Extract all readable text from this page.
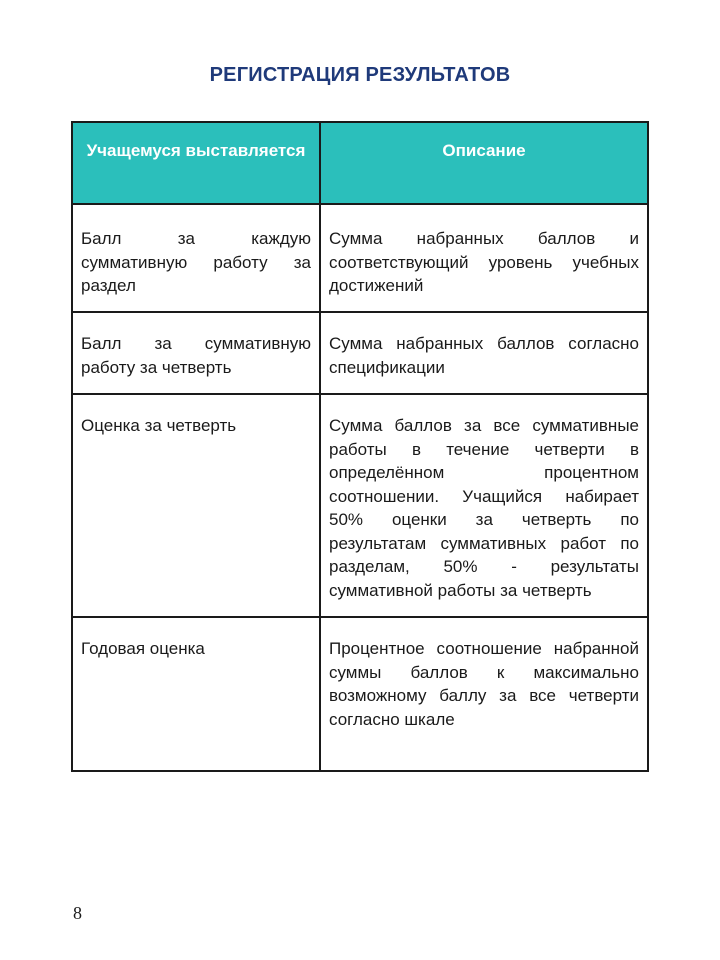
РЕГИСТРАЦИЯ РЕЗУЛЬТАТОВ
Учащемуся выставляется	Описание
Балл за каждую суммативную работу за раздел	Сумма набранных баллов и соответствующий уровень учебных достижений
Балл за суммативную работу за четверть	Сумма набранных баллов согласно спецификации
Оценка за четверть	Сумма баллов за все суммативные работы в течение четверти в определённом процентном соотношении. Учащийся набирает 50% оценки за четверть по результатам суммативных работ по разделам, 50% - результаты суммативной работы за четверть
Годовая оценка	Процентное соотношение набранной суммы баллов к максимально возможному баллу за все четверти согласно шкале
8
